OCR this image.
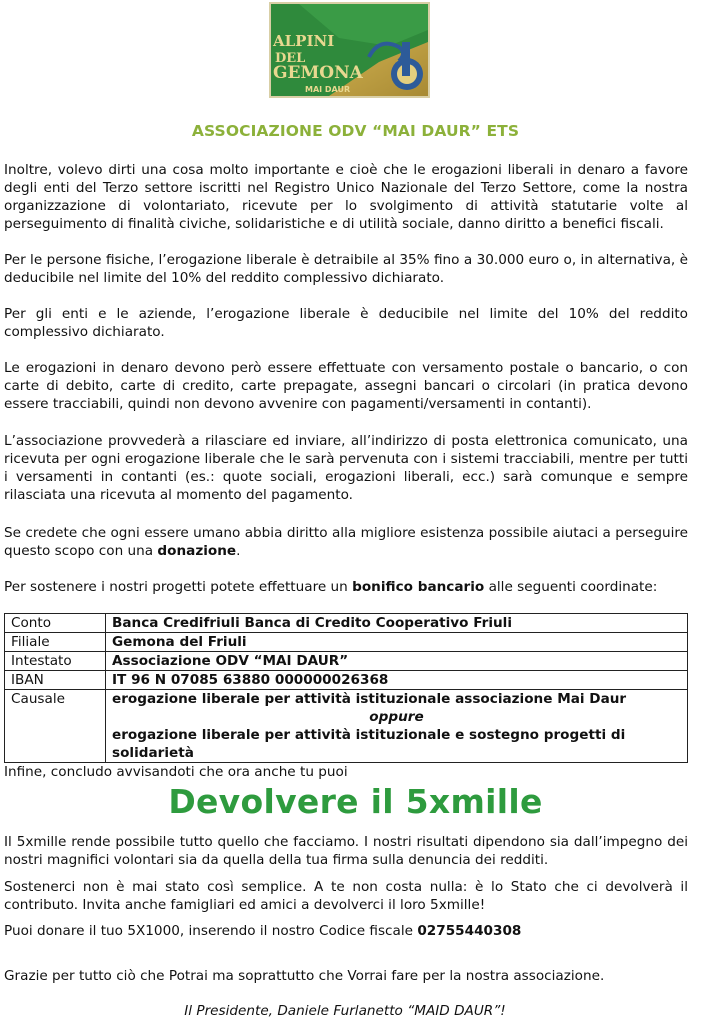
ALPINI
DEL
GEMONA
MAI DAUR
ASSOCIAZIONE ODV “MAI DAUR” ETS

Inoltre, volevo dirti una cosa molto importante e cioè che le erogazioni liberali in denaro a favore degli enti del Terzo settore iscritti nel Registro Unico Nazionale del Terzo Settore, come la nostra organizzazione di volontariato, ricevute per lo svolgimento di attività statutarie volte al perseguimento di finalità civiche, solidaristiche e di utilità sociale, danno diritto a benefici fiscali.

Per le persone fisiche, l’erogazione liberale è detraibile al 35% fino a 30.000 euro o, in alternativa, è deducibile nel limite del 10% del reddito complessivo dichiarato.

Per gli enti e le aziende, l’erogazione liberale è deducibile nel limite del 10% del reddito complessivo dichiarato.

Le erogazioni in denaro devono però essere effettuate con versamento postale o bancario, o con carte di debito, carte di credito, carte prepagate, assegni bancari o circolari (in pratica devono essere tracciabili, quindi non devono avvenire con pagamenti/versamenti in contanti).

L’associazione provvederà a rilasciare ed inviare, all’indirizzo di posta elettronica comunicato, una ricevuta per ogni erogazione liberale che le sarà pervenuta con i sistemi tracciabili, mentre per tutti i versamenti in contanti (es.: quote sociali, erogazioni liberali, ecc.) sarà comunque e sempre rilasciata una ricevuta al momento del pagamento.

Se credete che ogni essere umano abbia diritto alla migliore esistenza possibile aiutaci a perseguire questo scopo con una donazione.

Per sostenere i nostri progetti potete effettuare un bonifico bancario alle seguenti coordinate:

Conto	Banca Credifriuli Banca di Credito Cooperativo Friuli
Filiale	Gemona del Friuli
Intestato	Associazione ODV “MAI DAUR”
IBAN	IT 96 N 07085 63880 000000026368
Causale	erogazione liberale per attività istituzionale associazione Mai Daur
oppure
erogazione liberale per attività istituzionale e sostegno progetti di solidarietà

Infine, concludo avvisandoti che ora anche tu puoi

Devolvere il 5xmille

Il 5xmille rende possibile tutto quello che facciamo. I nostri risultati dipendono sia dall’impegno dei nostri magnifici volontari sia da quella della tua firma sulla denuncia dei redditi.

Sostenerci non è mai stato così semplice. A te non costa nulla: è lo Stato che ci devolverà il contributo. Invita anche famigliari ed amici a devolverci il loro 5xmille!

Puoi donare il tuo 5X1000, inserendo il nostro Codice fiscale 02755440308

Grazie per tutto ciò che Potrai ma soprattutto che Vorrai fare per la nostra associazione.

Il Presidente, Daniele Furlanetto “MAID DAUR”!
